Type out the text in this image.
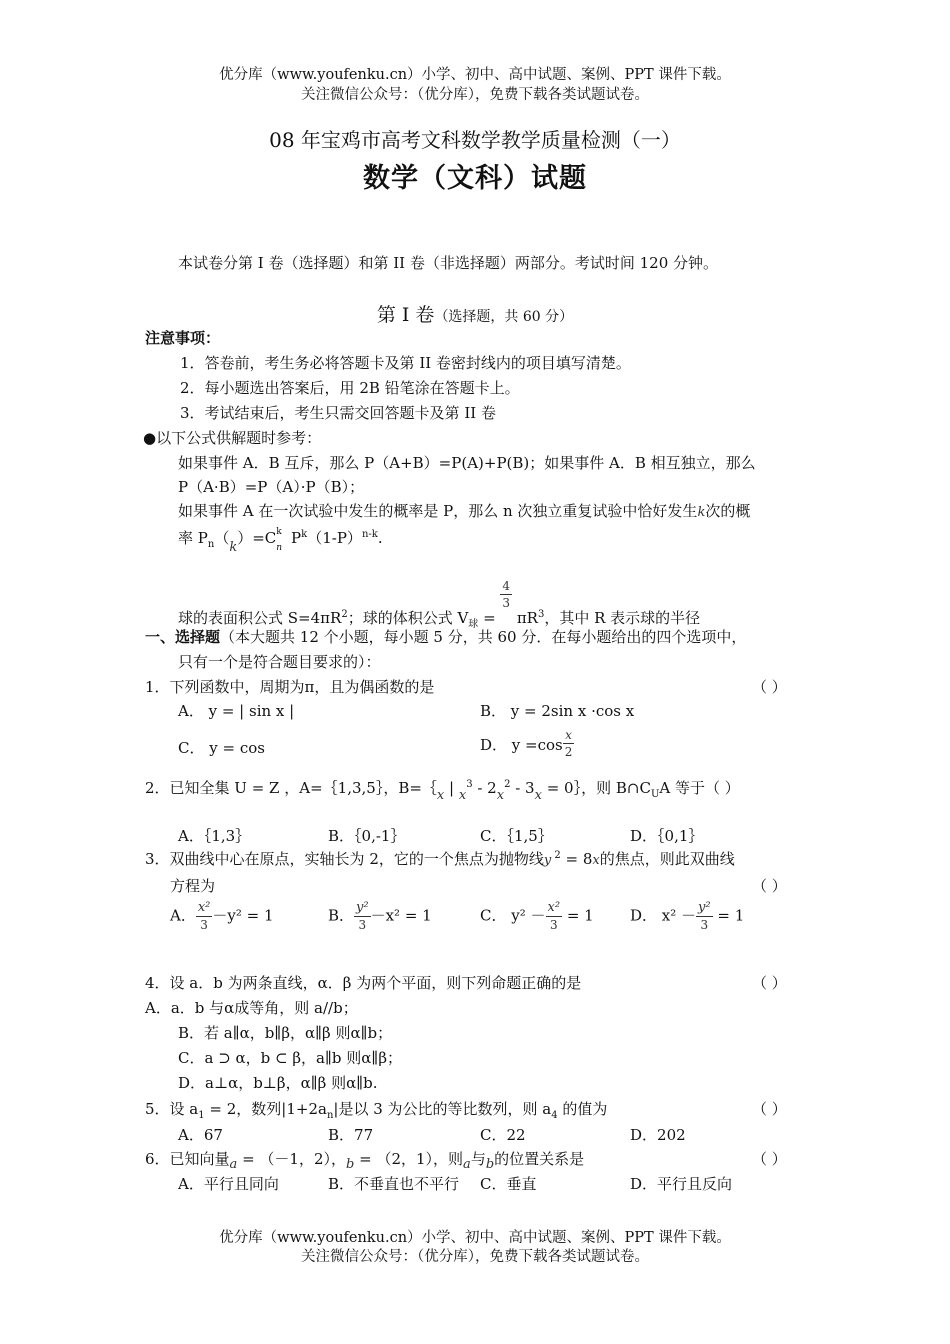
优分库（www.youfenku.cn）小学、初中、高中试题、案例、PPT 课件下载。
关注微信公众号：（优分库），免费下载各类试题试卷。
08 年宝鸡市高考文科数学教学质量检测（一）
数学（文科）试题
本试卷分第 I 卷（选择题）和第 II 卷（非选择题）两部分。考试时间 120 分钟。
第 I 卷（选择题，共 60 分）
注意事项：
1．答卷前，考生务必将答题卡及第 II 卷密封线内的项目填写清楚。
2．每小题选出答案后，用 2B 铅笔涂在答题卡上。
3．考试结束后，考生只需交回答题卡及第 II 卷
●以下公式供解题时参考：
如果事件 A．B 互斥，那么 P（A+B）=P(A)+P(B)；如果事件 A．B 相互独立，那么
P（A·B）=P（A）·P（B）；
如果事件 A 在一次试验中发生的概率是 P，那么 n 次独立重复试验中恰好发生k次的概
率 $P_n(k)=C$ k
n
$P^k(1-P)^{n-k}$.
球的表面积公式 $S=4\pi R_2$；球的体积公式 $V_球$ =
$\frac{4}{3}$
$\pi R_3$，其中 R 表示球的半径
一、选择题（本大题共 12 个小题，每小题 5 分，共 60 分．在每小题给出的四个选项中，
只有一个是符合题目要求的）：
1．下列函数中，周期为π，且为偶函数的是	（ ）
A． y = | sin x |	B． y = 2sin x ·cos x
C． y = cos	D． $y =\cos \frac{x}{2}$
2．已知全集 U = Z ，A=｛1,3,5｝，B=｛x | $x^3 - 2x^2 - 3x$ = 0｝，则 $B\cap C_UA$ 等于（ ）
A．｛1,3｝	B．｛0,-1｝	C．｛1,5｝	D．｛0,1｝
3．双曲线中心在原点，实轴长为 2，它的一个焦点为抛物线y $^2$ = 8x的焦点，则此双曲线
方程为	（ ）
A． $\frac{\text{x²}}{3} -y^2 = 1$	B． $\frac{\text{y²}}{3} -x^2 = 1$	C． $y^2 - \frac{\text{x²}}{3} = 1$ D． $x^2 - \frac{\text{y²}}{3} = 1$
4．设 a．b 为两条直线，α．β 为两个平面，则下列命题正确的是	（ ）
A．a．b 与α成等角，则 a//b；
B．若 a∥α，b∥β，α∥β 则α∥b；
C．a ⊃ α，b ⊂ β，a∥b 则α∥β；
D．a⊥α，b⊥β，α∥β 则α∥b.
5．设 $a_1 = 2$，数列$|1+2a_n|$是以 3 为公比的等比数列，则 $a_4$ 的值为	（ ）
A．67	B．77	C．22	D．202
6．已知向量a = （－1，2），b = （2，1），则a与b的位置关系是	（ ）
A．平行且同向	B．不垂直也不平行 C．垂直	D．平行且反向
优分库（www.youfenku.cn）小学、初中、高中试题、案例、PPT 课件下载。
关注微信公众号：（优分库），免费下载各类试题试卷。
